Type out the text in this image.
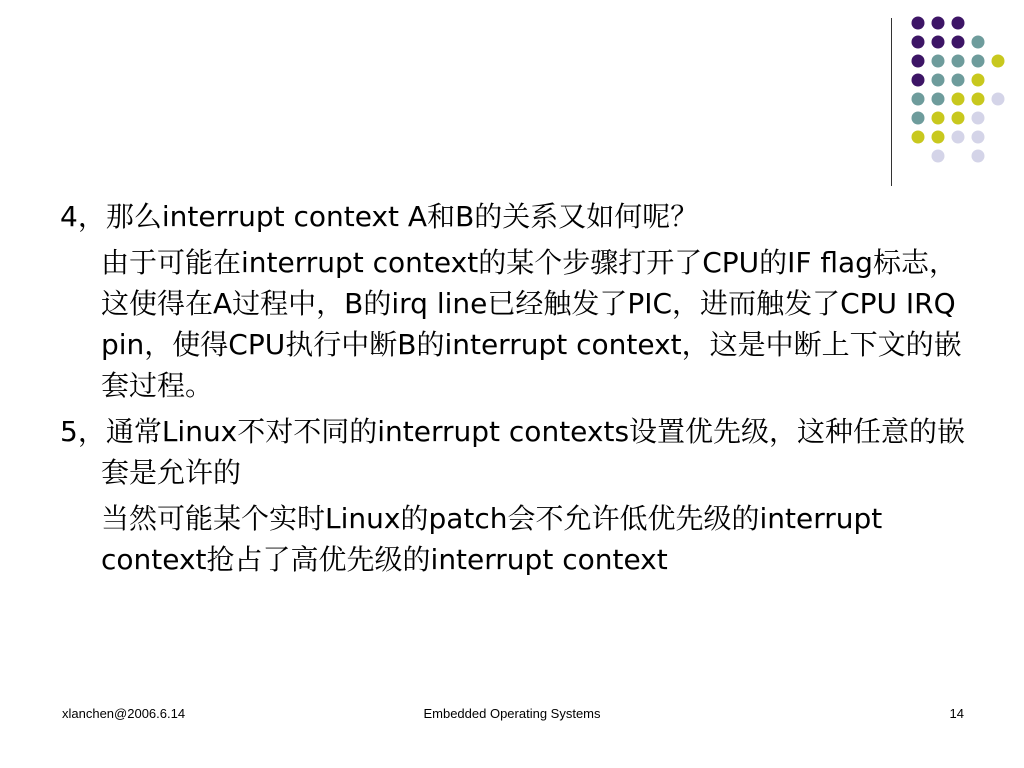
4，那么interrupt context A和B的关系又如何呢？

由于可能在interrupt context的某个步骤打开了CPU的IF flag标志，这使得在A过程中，B的irq line已经触发了PIC，进而触发了CPU IRQ pin，使得CPU执行中断B的interrupt context，这是中断上下文的嵌套过程。

5，通常Linux不对不同的interrupt contexts设置优先级，这种任意的嵌套是允许的

当然可能某个实时Linux的patch会不允许低优先级的interrupt context抢占了高优先级的interrupt context

xlanchen@2006.6.14	Embedded Operating Systems	14
